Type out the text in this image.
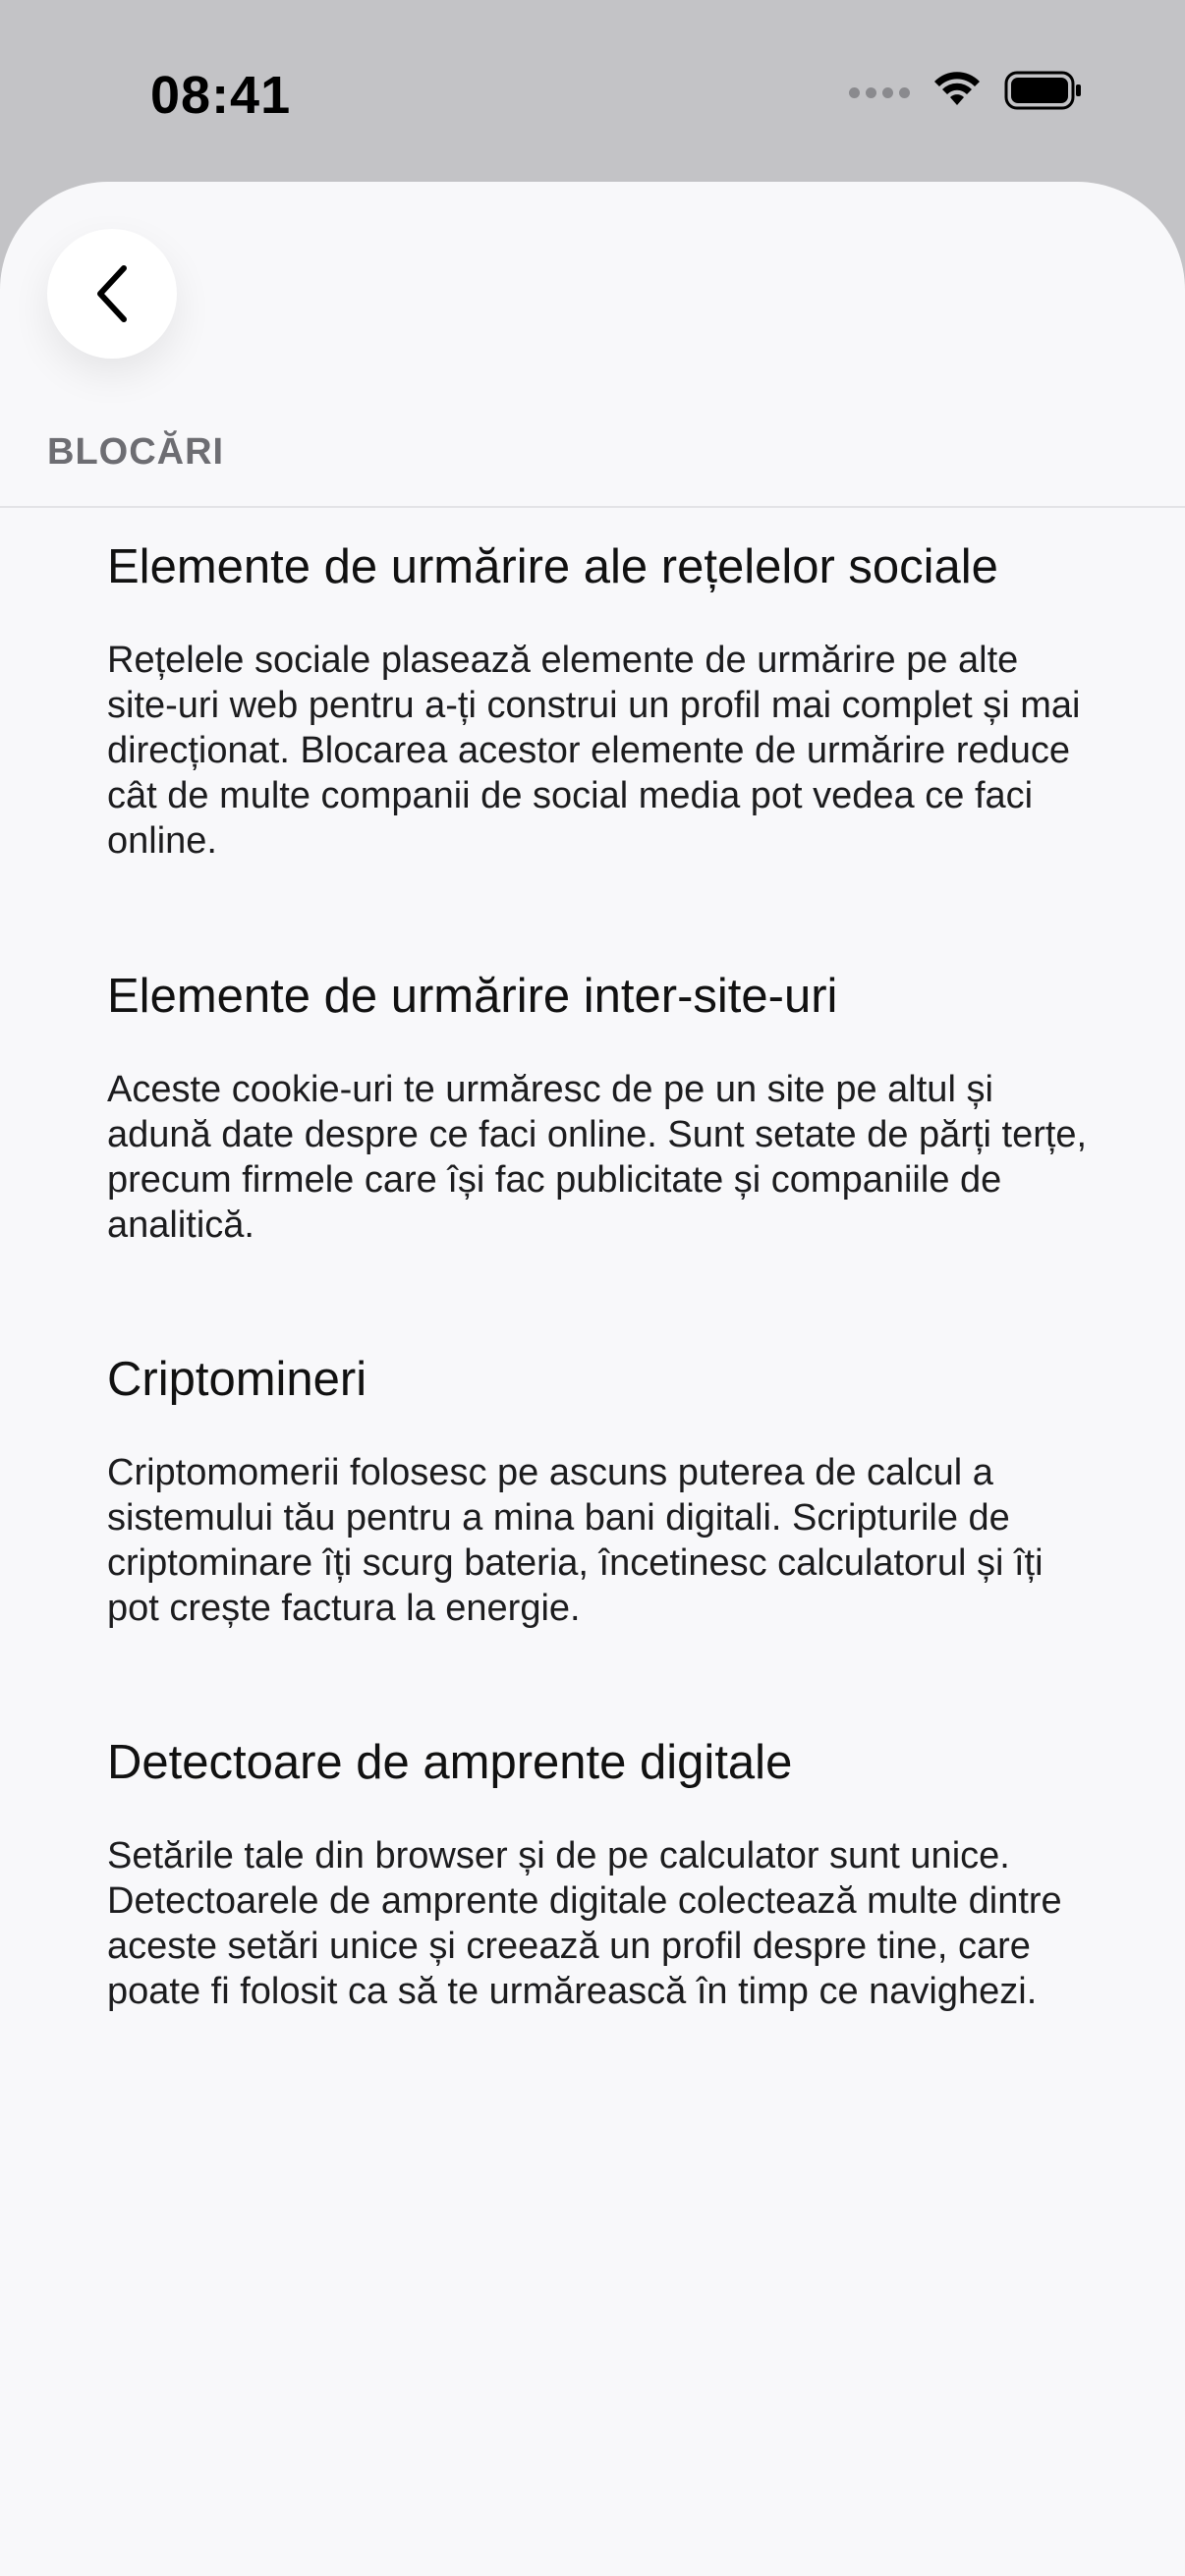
08:41
BLOCĂRI
Elemente de urmărire ale rețelelor sociale

Rețelele sociale plasează elemente de urmărire pe alte site-uri web pentru a-ți construi un profil mai complet și mai direcționat. Blocarea acestor elemente de urmărire reduce cât de multe companii de social media pot vedea ce faci online.

Elemente de urmărire inter-site-uri

Aceste cookie-uri te urmăresc de pe un site pe altul și adună date despre ce faci online. Sunt setate de părți terțe, precum firmele care își fac publicitate și companiile de analitică.

Criptomineri

Criptomomerii folosesc pe ascuns puterea de calcul a sistemului tău pentru a mina bani digitali. Scripturile de criptominare îți scurg bateria, încetinesc calculatorul și îți pot crește factura la energie.

Detectoare de amprente digitale

Setările tale din browser și de pe calculator sunt unice. Detectoarele de amprente digitale colectează multe dintre aceste setări unice și creează un profil despre tine, care poate fi folosit ca să te urmărească în timp ce navighezi.
